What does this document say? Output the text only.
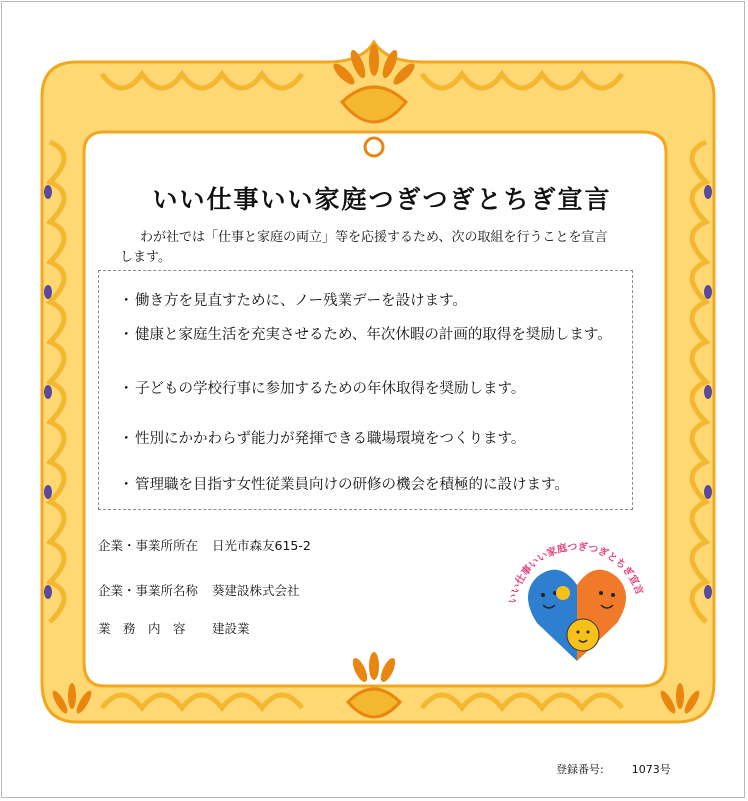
いい仕事いい家庭つぎつぎとちぎ宣言
わが社では「仕事と家庭の両立」等を応援するため、次の取組を行うことを宣言します。
・ 働き方を見直すために、ノー残業デーを設けます。
・ 健康と家庭生活を充実させるため、年次休暇の計画的取得を奨励します。
・ 子どもの学校行事に参加するための年休取得を奨励します。
・ 性別にかかわらず能力が発揮できる職場環境をつくります。
・ 管理職を目指す女性従業員向けの研修の機会を積極的に設けます。
企業・事業所所在	日光市森友615-2
企業・事業所名称	葵建設株式会社
業　務　内　容	建設業
いい仕事いい家庭つぎつぎとちぎ宣言
登録番号:	1073号
